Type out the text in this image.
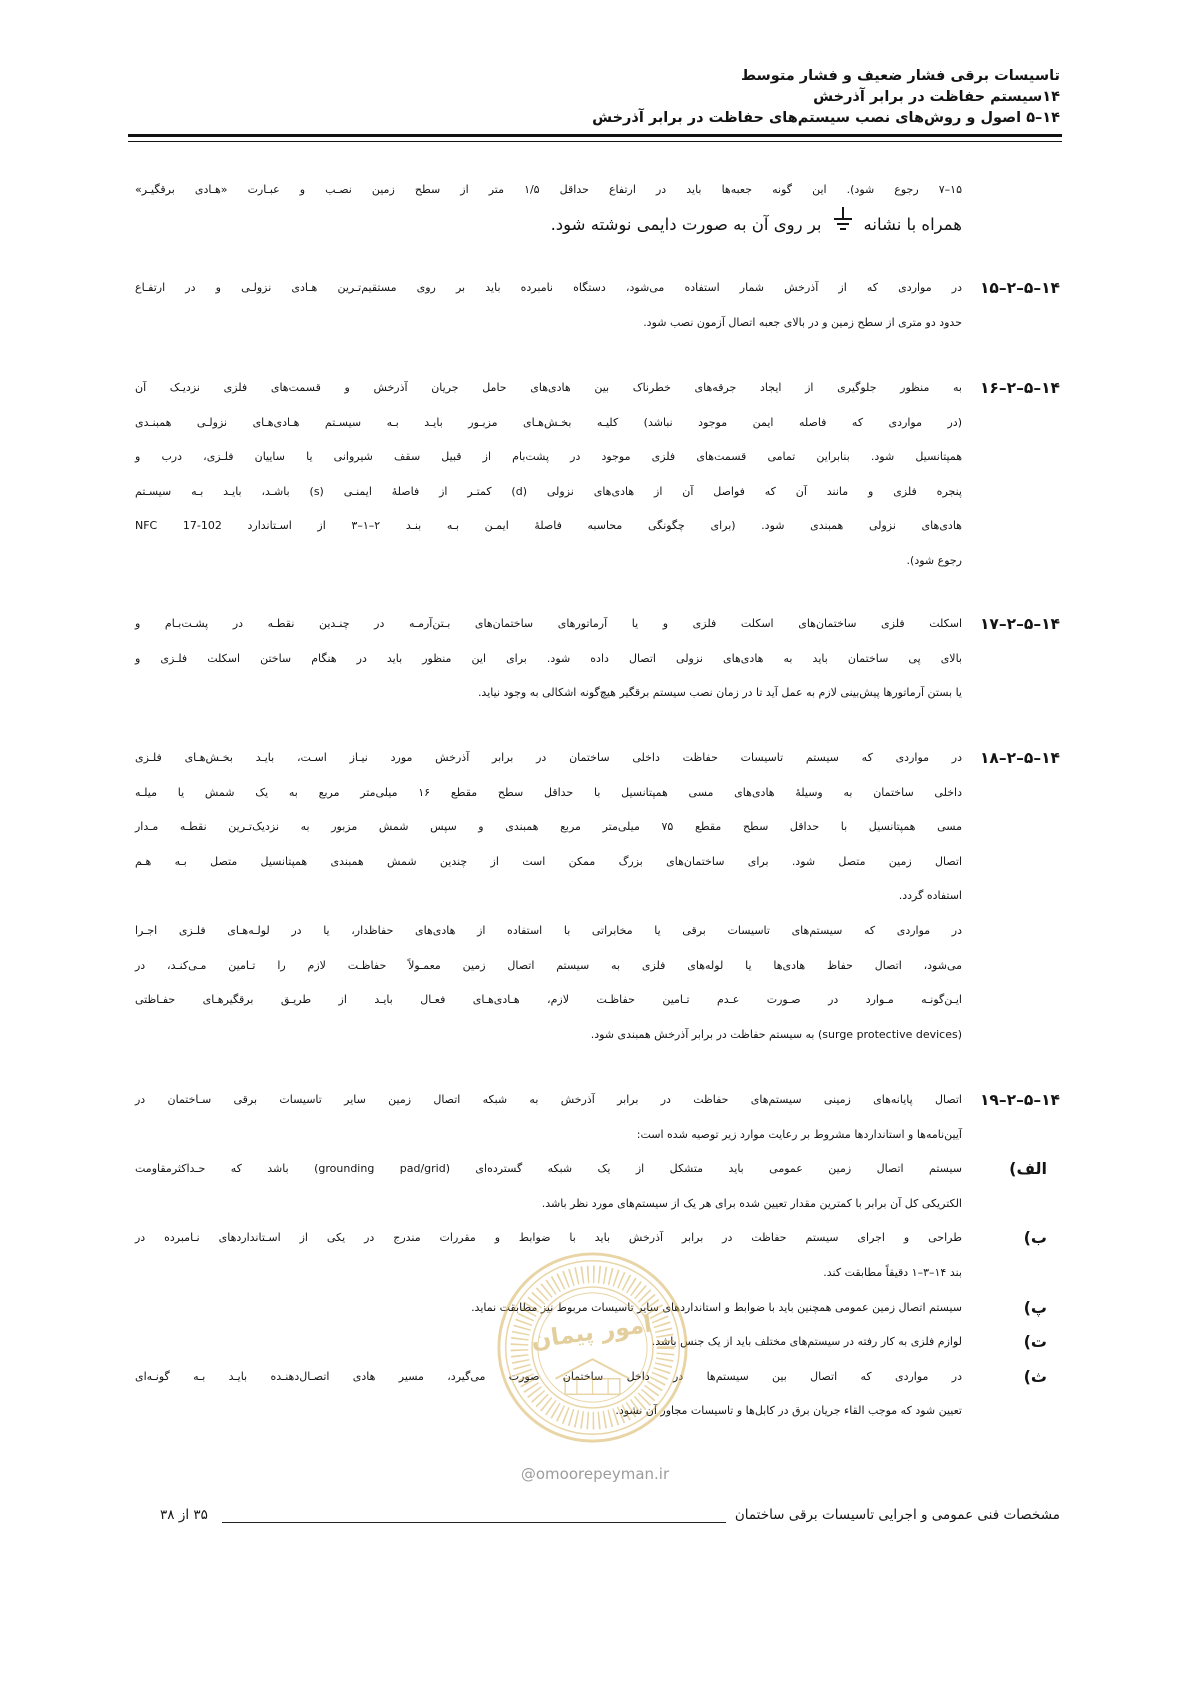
تاسیسات برقی فشار ضعیف و فشار متوسط
۱۴سیستم حفاظت در برابر آذرخش
۱۴–۵ اصول و روش‌های نصب سیستم‌های حفاظت در برابر آذرخش
۱۵–۷ رجوع شود). این گونه جعبه‌ها باید در ارتفاع حداقل ۱/۵ متر از سطح زمین نصـب و عبـارت «هـادی برقگیـر»
همراه با نشانه
بر روی آن به صورت دایمی نوشته شود.
۱۴–۵–۲–۱۵
در مواردی که از آذرخش شمار استفاده می‌شود، دستگاه نامبرده باید بر روی مستقیم‌تـرین هـادی نزولـی و در ارتفـاع
حدود دو متری از سطح زمین و در بالای جعبه اتصال آزمون نصب شود.
۱۴–۵–۲–۱۶
به منظور جلوگیری از ایجاد جرقه‌های خطرناک بین هادی‌های حامل جریان آذرخش و قسمت‌های فلزی نزدیـک آن
(در مواردی که فاصله ایمن موجود نباشد) کلیـه بخـش‌هـای مزبـور بایـد بـه سیسـتم هـادی‌هـای نزولـی همبنـدی
همپتانسیل شود. بنابراین تمامی قسمت‌های فلزی موجود در پشت‌بام از قبیل سقف شیروانی یا ساییان فلـزی، درب و
پنجره فلزی و مانند آن که فواصل آن از هادی‌های نزولی (d) کمتـر از فاصلۀ ایمنـی (s) باشـد، بایـد بـه سیسـتم
هادی‌های نزولی همبندی شود. (برای چگونگی محاسبه فاصلۀ ایمـن بـه بنـد ۲–۱–۳ از اسـتاندارد NFC 17-102
رجوع شود).
۱۴–۵–۲–۱۷
اسکلت فلزی ساختمان‌های اسکلت فلزی و یا آرماتورهای ساختمان‌های بـتن‌آرمـه در چنـدین نقطـه در پشـت‌بـام و
بالای پی ساختمان باید به هادی‌های نزولی اتصال داده شود. برای این منظور باید در هنگام ساختن اسکلت فلـزی و
یا بستن آرماتورها پیش‌بینی لازم به عمل آید تا در زمان نصب سیستم برقگیر هیچ‌گونه اشکالی به وجود نیاید.
۱۴–۵–۲–۱۸
در مواردی که سیستم تاسیسات حفاظت داخلی ساختمان در برابر آذرخش مورد نیـاز اسـت، بایـد بخـش‌هـای فلـزی
داخلی ساختمان به وسیلۀ هادی‌های مسی همپتانسیل با حداقل سطح مقطع ۱۶ میلی‌متر مربع به یک شمش یا میلـه
مسی همپتانسیل با حداقل سطح مقطع ۷۵ میلی‌متر مربع همبندی و سپس شمش مزبور به نزدیک‌تـرین نقطـه مـدار
اتصال زمین متصل شود. برای ساختمان‌های بزرگ ممکن است از چندین شمش همبندی همپتانسیل متصل بـه هـم
استفاده گردد.
در مواردی که سیستم‌های تاسیسات برقی یا مخابراتی با استفاده از هادی‌های حفاظدار، یا در لولـه‌هـای فلـزی اجـرا
می‌شود، اتصال حفاظ هادی‌ها یا لوله‌های فلزی به سیستم اتصال زمین معمـولاً حفاظـت لازم را تـامین مـی‌کنـد، در
ایـن‌گونـه مـوارد در صـورت عـدم تـامین حفاظـت لازم، هـادی‌هـای فعـال بایـد از طریـق برقگیرهـای حفـاظتی
(surge protective devices) به سیستم حفاظت در برابر آذرخش همبندی شود.
۱۴–۵–۲–۱۹
اتصال پایانه‌های زمینی سیستم‌های حفاظت در برابر آذرخش به شبکه اتصال زمین سایر تاسیسات برقی سـاختمان در
آیین‌نامه‌ها و استانداردها مشروط بر رعایت موارد زیر توصیه شده است:
الف)
سیستم اتصال زمین عمومی باید متشکل از یک شبکه گسترده‌ای (grounding pad/grid) باشد که حـداکثرمقاومت
الکتریکی کل آن برابر با کمترین مقدار تعیین شده برای هر یک از سیستم‌های مورد نظر باشد.
ب)
طراحی و اجرای سیستم حفاظت در برابر آذرخش باید با ضوابط و مقررات مندرج در یکی از اسـتانداردهای نـامبرده در
بند ۱۴–۳–۱ دقیقاً مطابقت کند.
پ)
سیستم اتصال زمین عمومی همچنین باید با ضوابط و استانداردهای سایر تاسیسات مربوط نیز مطابقت نماید.
ت)
لوازم فلزی به کار رفته در سیستم‌های مختلف باید از یک جنس باشد.
ث)
در مواردی که اتصال بین سیستم‌ها در داخل ساختمان صورت می‌گیرد، مسیر هادی اتصـال‌دهنـده بایـد بـه گونـه‌ای
تعیین شود که موجب القاء جریان برق در کابل‌ها و تاسیسات مجاور آن نشود.
امور پیمان
@omoorepeyman.ir
مشخصات فنی عمومی و اجرایی تاسیسات برقی ساختمان
۳۵ از ۳۸
